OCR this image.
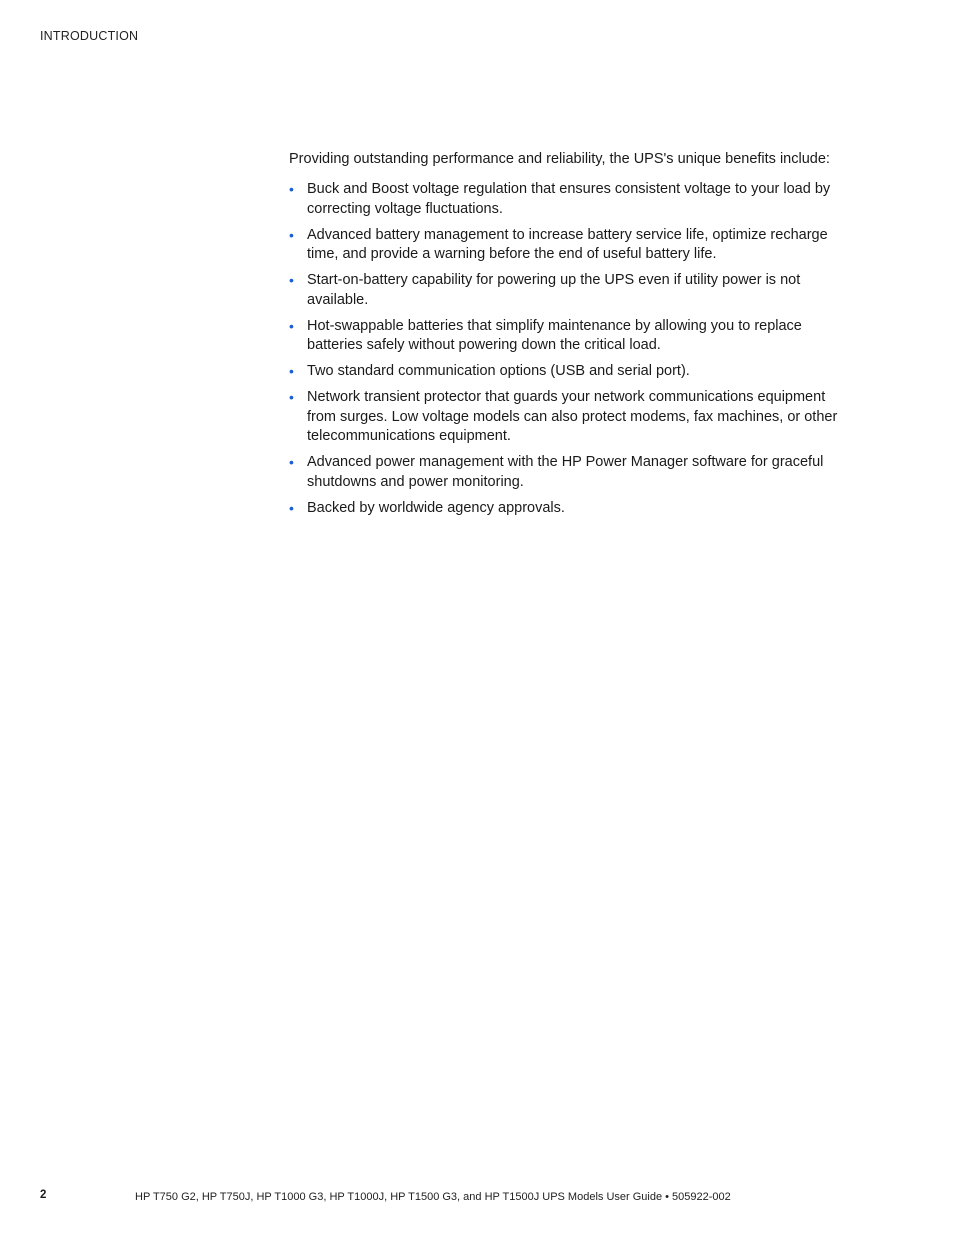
INTRODUCTION

Providing outstanding performance and reliability, the UPS's unique benefits include:

• Buck and Boost voltage regulation that ensures consistent voltage to your load by correcting voltage fluctuations.
• Advanced battery management to increase battery service life, optimize recharge time, and provide a warning before the end of useful battery life.
• Start-on-battery capability for powering up the UPS even if utility power is not available.
• Hot-swappable batteries that simplify maintenance by allowing you to replace batteries safely without powering down the critical load.
• Two standard communication options (USB and serial port).
• Network transient protector that guards your network communications equipment from surges. Low voltage models can also protect modems, fax machines, or other telecommunications equipment.
• Advanced power management with the HP Power Manager software for graceful shutdowns and power monitoring.
• Backed by worldwide agency approvals.
2	HP T750 G2, HP T750J, HP T1000 G3, HP T1000J, HP T1500 G3, and HP T1500J UPS Models User Guide • 505922-002
